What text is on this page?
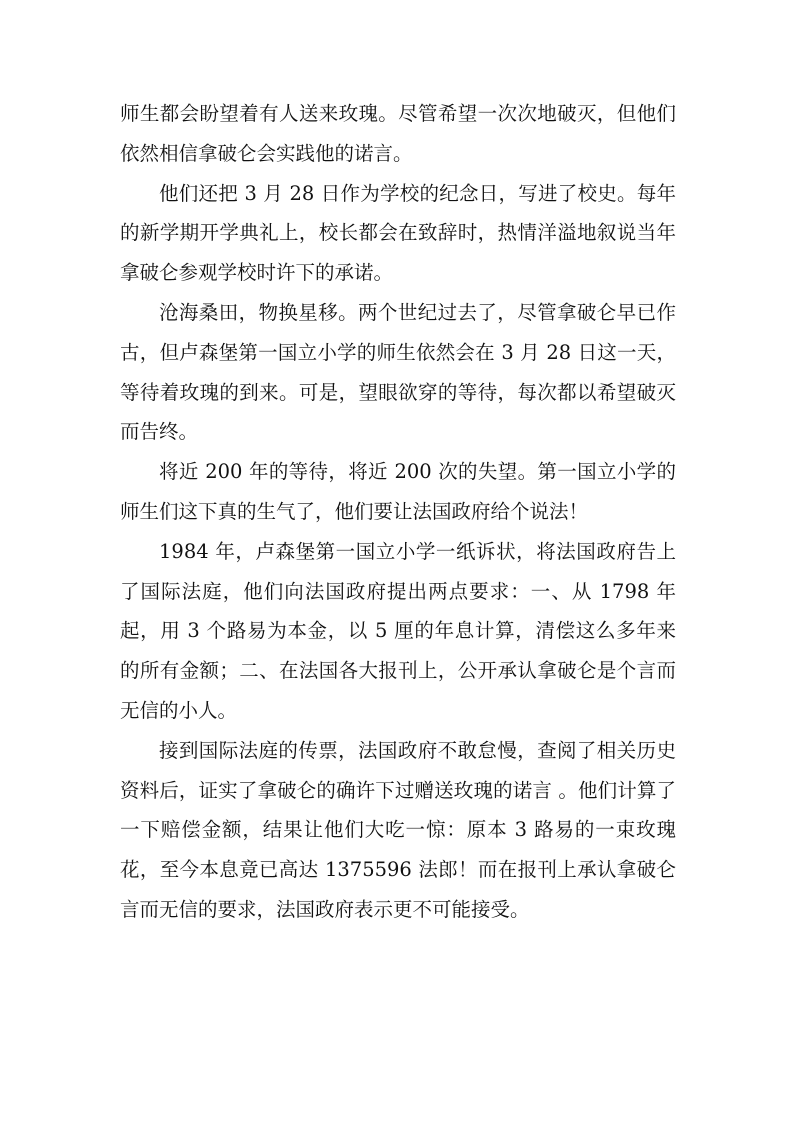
师生都会盼望着有人送来玫瑰。尽管希望一次次地破灭，但他们依然相信拿破仑会实践他的诺言。

他们还把 3 月 28 日作为学校的纪念日，写进了校史。每年的新学期开学典礼上，校长都会在致辞时，热情洋溢地叙说当年拿破仑参观学校时许下的承诺。

沧海桑田，物换星移。两个世纪过去了，尽管拿破仑早已作古，但卢森堡第一国立小学的师生依然会在 3 月 28 日这一天，等待着玫瑰的到来。可是，望眼欲穿的等待，每次都以希望破灭而告终。

将近 200 年的等待，将近 200 次的失望。第一国立小学的师生们这下真的生气了，他们要让法国政府给个说法！

1984 年，卢森堡第一国立小学一纸诉状，将法国政府告上了国际法庭，他们向法国政府提出两点要求：一、从 1798 年起，用 3 个路易为本金，以 5 厘的年息计算，清偿这么多年来的所有金额；二、在法国各大报刊上，公开承认拿破仑是个言而无信的小人。

接到国际法庭的传票，法国政府不敢怠慢，查阅了相关历史资料后，证实了拿破仑的确许下过赠送玫瑰的诺言 。他们计算了一下赔偿金额，结果让他们大吃一惊：原本 3 路易的一束玫瑰花，至今本息竟已高达 1375596 法郎！而在报刊上承认拿破仑言而无信的要求，法国政府表示更不可能接受。
